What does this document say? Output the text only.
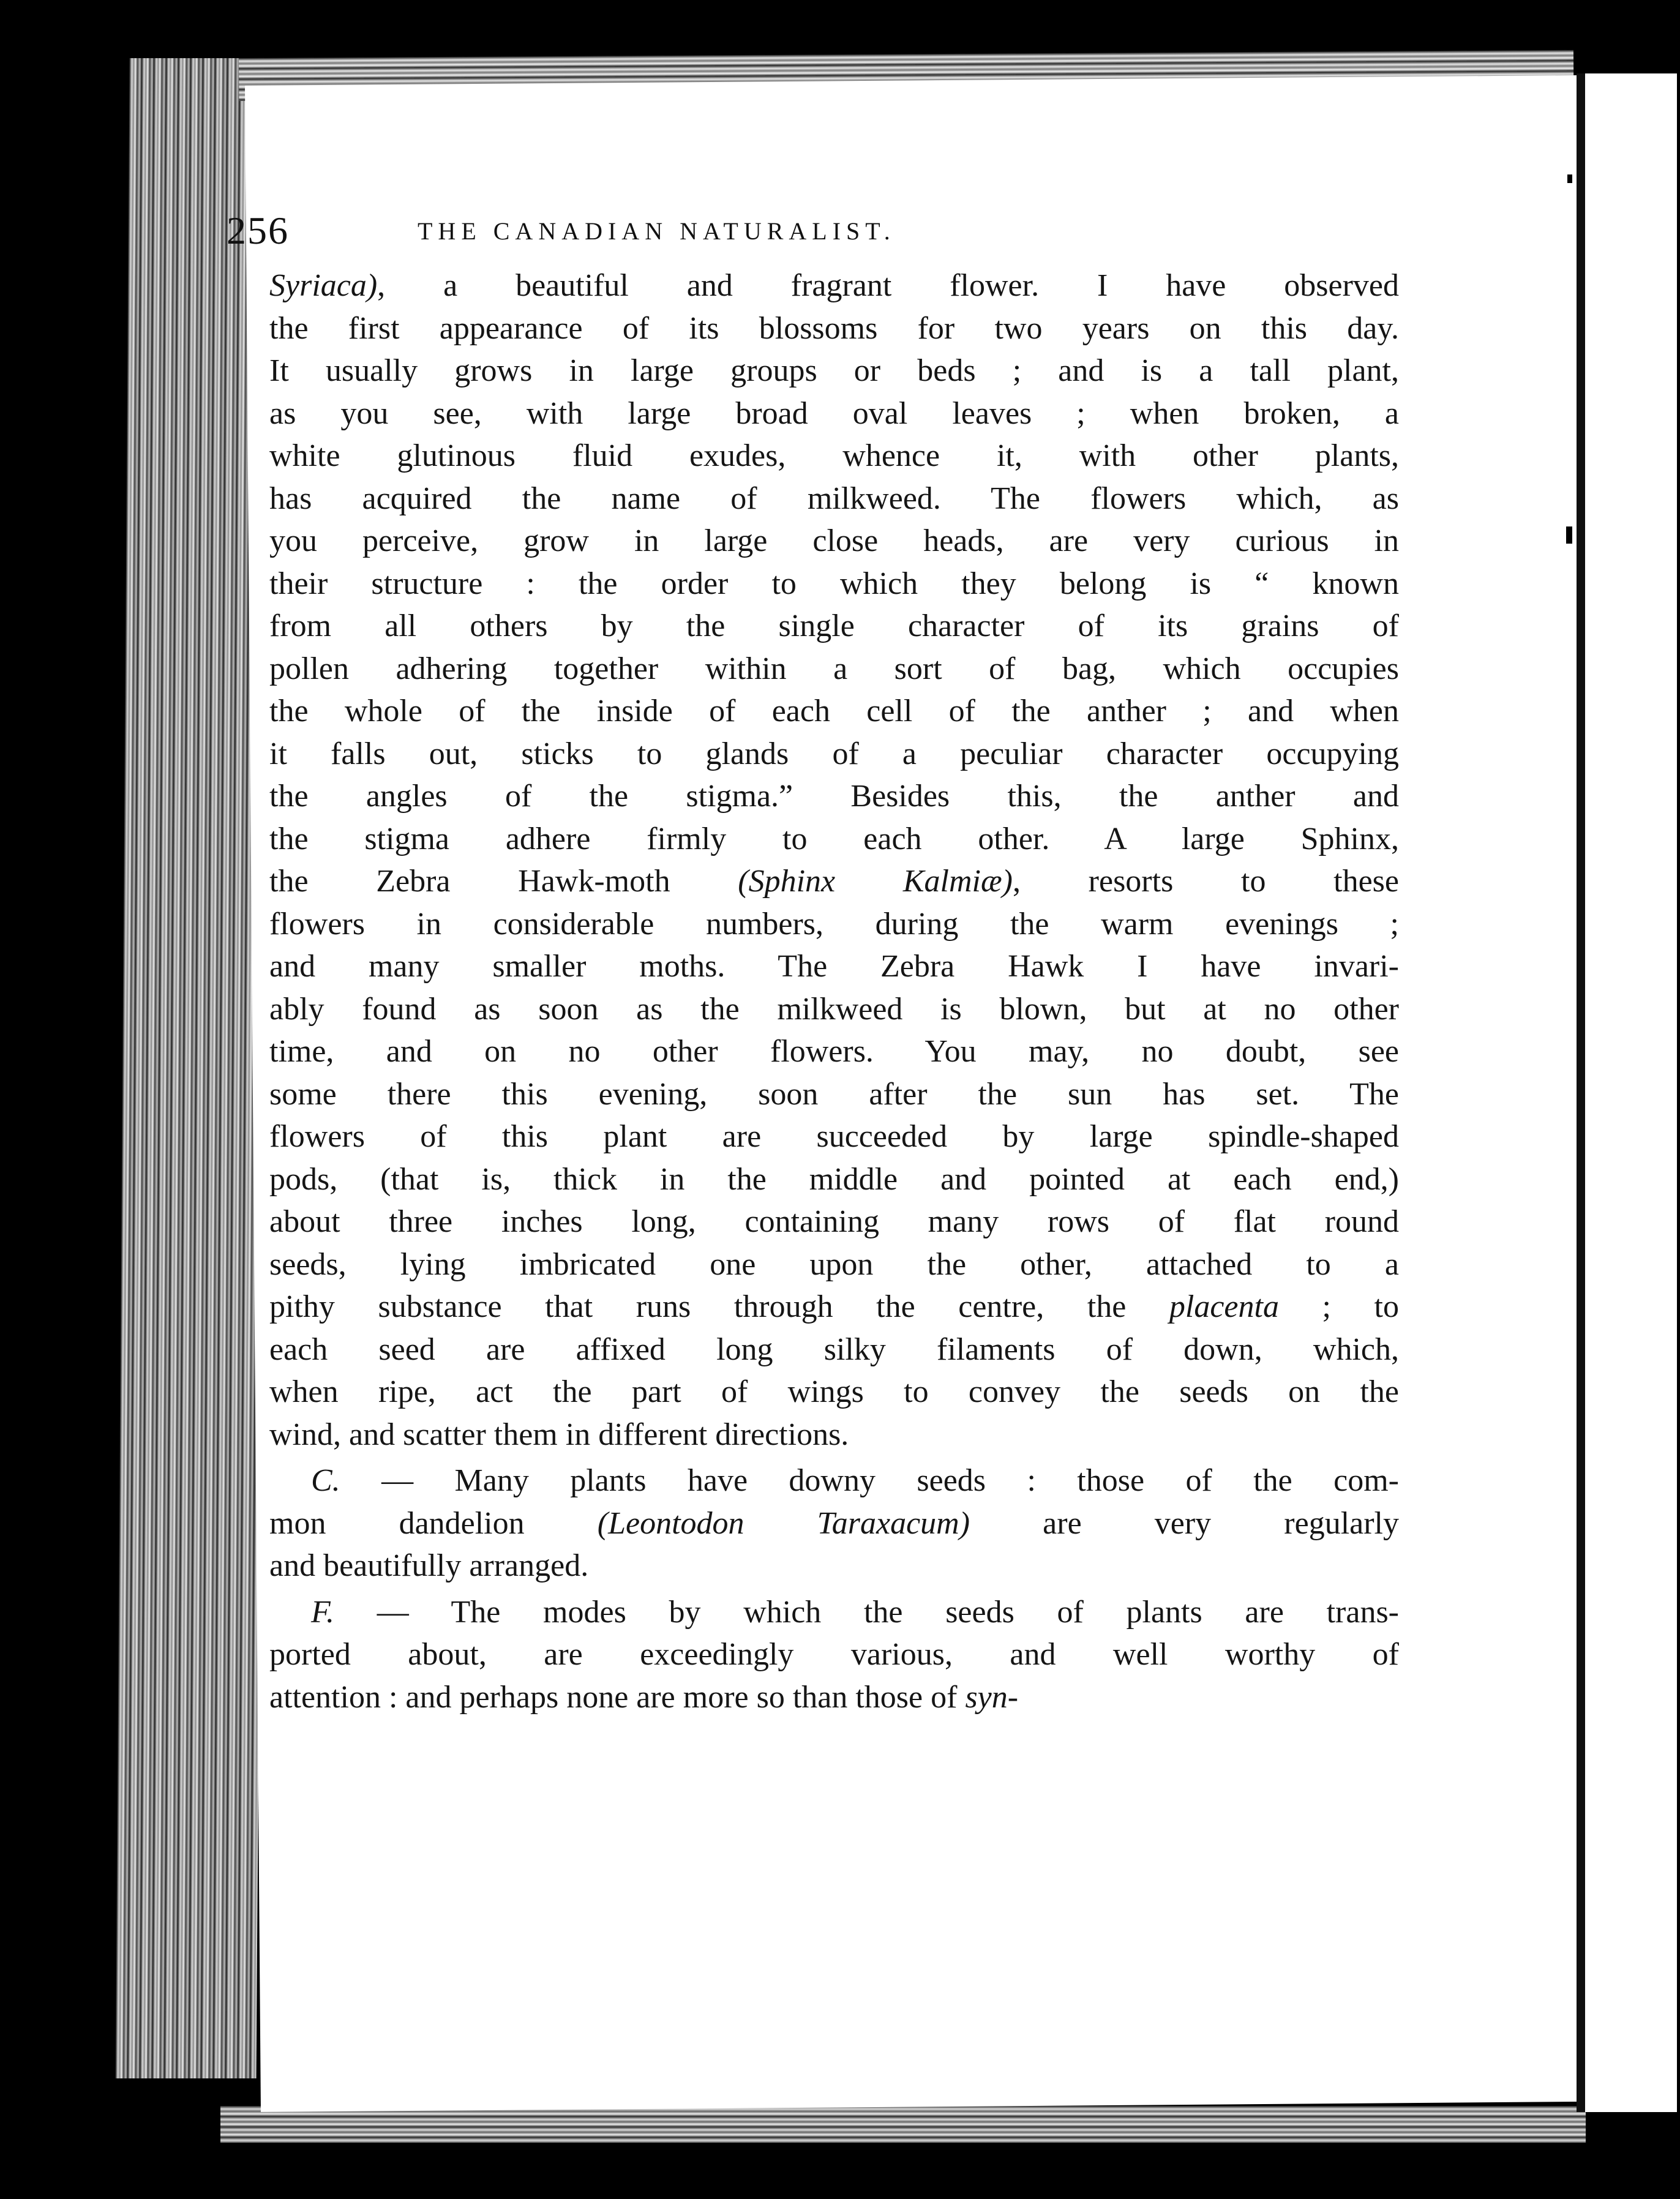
256	THE CANADIAN NATURALIST.
Syriaca), a beautiful and fragrant flower. I have observed
the first appearance of its blossoms for two years on this day.
It usually grows in large groups or beds ; and is a tall plant,
as you see, with large broad oval leaves ; when broken, a
white glutinous fluid exudes, whence it, with other plants,
has acquired the name of milkweed. The flowers which, as
you perceive, grow in large close heads, are very curious in
their structure : the order to which they belong is “ known
from all others by the single character of its grains of
pollen adhering together within a sort of bag, which occupies
the whole of the inside of each cell of the anther ; and when
it falls out, sticks to glands of a peculiar character occupying
the angles of the stigma.” Besides this, the anther and
the stigma adhere firmly to each other. A large Sphinx,
the Zebra Hawk-moth (Sphinx Kalmiæ), resorts to these
flowers in considerable numbers, during the warm evenings ;
and many smaller moths. The Zebra Hawk I have invari-
ably found as soon as the milkweed is blown, but at no other
time, and on no other flowers. You may, no doubt, see
some there this evening, soon after the sun has set. The
flowers of this plant are succeeded by large spindle-shaped
pods, (that is, thick in the middle and pointed at each end,)
about three inches long, containing many rows of flat round
seeds, lying imbricated one upon the other, attached to a
pithy substance that runs through the centre, the placenta ; to
each seed are affixed long silky filaments of down, which,
when ripe, act the part of wings to convey the seeds on the
wind, and scatter them in different directions.
C. — Many plants have downy seeds : those of the com-
mon dandelion (Leontodon Taraxacum) are very regularly
and beautifully arranged.
F. — The modes by which the seeds of plants are trans-
ported about, are exceedingly various, and well worthy of
attention : and perhaps none are more so than those of syn-
